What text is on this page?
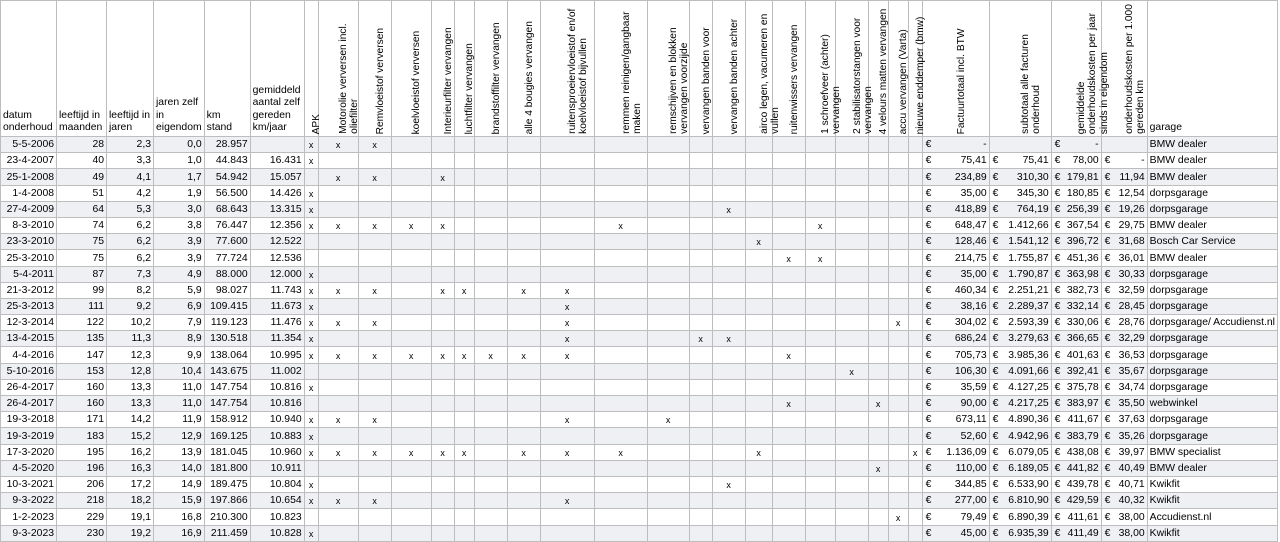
datum onderhoud	leeftijd in maanden	leeftijd in jaren	jaren zelf in eigendom	km stand	gemiddeld aantal zelf gereden km/jaar	APK	Motorolie verversen incl. oliefilter	Remvloeistof verversen	koelvloeistof verversen	Interieurfilter vervangen	luchtfilter vervangen	brandstoffilter vervangen	alle 4 bougies vervangen	ruitensproeiervloeistof en/of koelvloeistof bijvullen	remmen reinigen/gangbaar maken	remschijven en blokken vervangen voorzijde	vervangen banden voor	vervangen banden achter	airco legen, vacumeren en vullen	ruitenwissers vervangen	1 schroefveer (achter) vervangen	2 stabilisatorstangen voor vervangen	4 velours matten vervangen	accu vervangen (Varta)	nieuwe enddemper (bmw)	Factuurtotaal incl. BTW	subtotaal alle facturen onderhoud	gemiddelde onderhoudskosten per jaar sinds in eigendom	onderhoudskosten per 1.000 gereden km	garage
5-5-2006	28	2,3	0,0	28.957		x	x	x																		€ -		€ -		BMW dealer
23-4-2007	40	3,3	1,0	44.843	16.431	x																				€ 75,41	€ 75,41	€ 78,00	€ -	BMW dealer
25-1-2008	49	4,1	1,7	54.942	15.057		x	x		x																€ 234,89	€ 310,30	€ 179,81	€ 11,94	BMW dealer
1-4-2008	51	4,2	1,9	56.500	14.426	x																				€ 35,00	€ 345,30	€ 180,85	€ 12,54	dorpsgarage
27-4-2009	64	5,3	3,0	68.643	13.315	x												x								€ 418,89	€ 764,19	€ 256,39	€ 19,26	dorpsgarage
8-3-2010	74	6,2	3,8	76.447	12.356	x	x	x	x	x					x						x					€ 648,47	€ 1.412,66	€ 367,54	€ 29,75	BMW dealer
23-3-2010	75	6,2	3,9	77.600	12.522														x							€ 128,46	€ 1.541,12	€ 396,72	€ 31,68	Bosch Car Service
25-3-2010	75	6,2	3,9	77.724	12.536															x	x					€ 214,75	€ 1.755,87	€ 451,36	€ 36,01	BMW dealer
5-4-2011	87	7,3	4,9	88.000	12.000	x																				€ 35,00	€ 1.790,87	€ 363,98	€ 30,33	dorpsgarage
21-3-2012	99	8,2	5,9	98.027	11.743	x	x	x		x	x		x	x												€ 460,34	€ 2.251,21	€ 382,73	€ 32,59	dorpsgarage
25-3-2013	111	9,2	6,9	109.415	11.673	x								x												€ 38,16	€ 2.289,37	€ 332,14	€ 28,45	dorpsgarage
12-3-2014	122	10,2	7,9	119.123	11.476	x	x	x						x										x		€ 304,02	€ 2.593,39	€ 330,06	€ 28,76	dorpsgarage/ Accudienst.nl
13-4-2015	135	11,3	8,9	130.518	11.354	x								x			x	x								€ 686,24	€ 3.279,63	€ 366,65	€ 32,29	dorpsgarage
4-4-2016	147	12,3	9,9	138.064	10.995	x	x	x	x	x	x	x	x	x						x						€ 705,73	€ 3.985,36	€ 401,63	€ 36,53	dorpsgarage
5-10-2016	153	12,8	10,4	143.675	11.002																	x				€ 106,30	€ 4.091,66	€ 392,41	€ 35,67	dorpsgarage
26-4-2017	160	13,3	11,0	147.754	10.816	x																				€ 35,59	€ 4.127,25	€ 375,78	€ 34,74	dorpsgarage
26-4-2017	160	13,3	11,0	147.754	10.816															x			x			€ 90,00	€ 4.217,25	€ 383,97	€ 35,50	webwinkel
19-3-2018	171	14,2	11,9	158.912	10.940	x	x	x						x		x										€ 673,11	€ 4.890,36	€ 411,67	€ 37,63	dorpsgarage
19-3-2019	183	15,2	12,9	169.125	10.883	x																				€ 52,60	€ 4.942,96	€ 383,79	€ 35,26	dorpsgarage
17-3-2020	195	16,2	13,9	181.045	10.960	x	x	x	x	x	x		x	x	x				x						x	€ 1.136,09	€ 6.079,05	€ 438,08	€ 39,97	BMW specialist
4-5-2020	196	16,3	14,0	181.800	10.911																		x			€ 110,00	€ 6.189,05	€ 441,82	€ 40,49	BMW dealer
10-3-2021	206	17,2	14,9	189.475	10.804	x												x								€ 344,85	€ 6.533,90	€ 439,78	€ 40,71	Kwikfit
9-3-2022	218	18,2	15,9	197.866	10.654	x	x	x						x												€ 277,00	€ 6.810,90	€ 429,59	€ 40,32	Kwikfit
1-2-2023	229	19,1	16,8	210.300	10.823																			x		€ 79,49	€ 6.890,39	€ 411,61	€ 38,00	Accudienst.nl
9-3-2023	230	19,2	16,9	211.459	10.828	x																				€ 45,00	€ 6.935,39	€ 411,49	€ 38,00	Kwikfit
